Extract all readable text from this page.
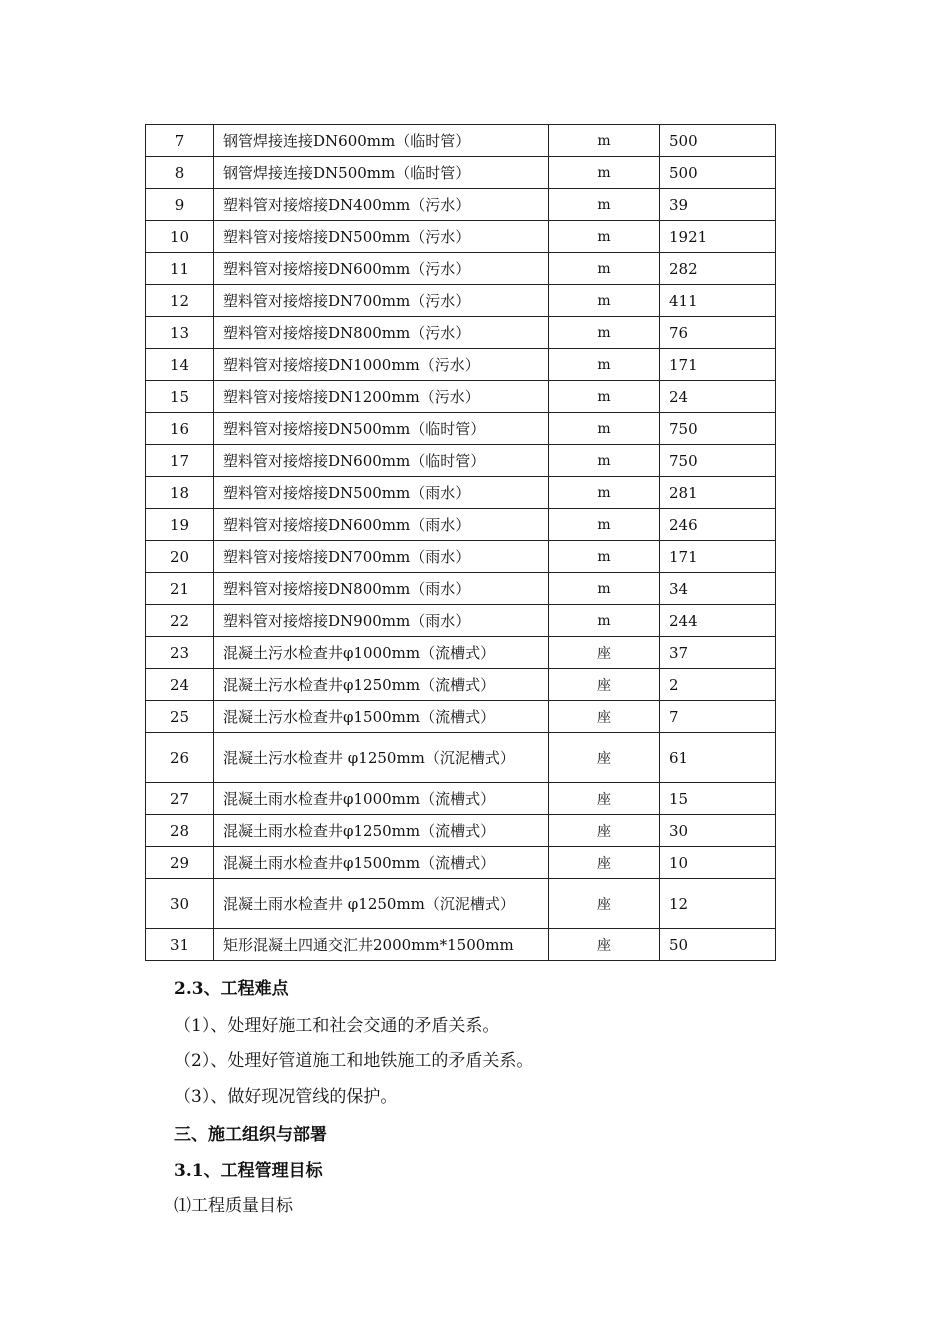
7	钢管焊接连接DN600mm（临时管）	m	500
8	钢管焊接连接DN500mm（临时管）	m	500
9	塑料管对接熔接DN400mm（污水）	m	39
10	塑料管对接熔接DN500mm（污水）	m	1921
11	塑料管对接熔接DN600mm（污水）	m	282
12	塑料管对接熔接DN700mm（污水）	m	411
13	塑料管对接熔接DN800mm（污水）	m	76
14	塑料管对接熔接DN1000mm（污水）	m	171
15	塑料管对接熔接DN1200mm（污水）	m	24
16	塑料管对接熔接DN500mm（临时管）	m	750
17	塑料管对接熔接DN600mm（临时管）	m	750
18	塑料管对接熔接DN500mm（雨水）	m	281
19	塑料管对接熔接DN600mm（雨水）	m	246
20	塑料管对接熔接DN700mm（雨水）	m	171
21	塑料管对接熔接DN800mm（雨水）	m	34
22	塑料管对接熔接DN900mm（雨水）	m	244
23	混凝土污水检查井φ1000mm（流槽式）	座	37
24	混凝土污水检查井φ1250mm（流槽式）	座	2
25	混凝土污水检查井φ1500mm（流槽式）	座	7
26	混凝土污水检查井 φ1250mm（沉泥槽式）	座	61
27	混凝土雨水检查井φ1000mm（流槽式）	座	15
28	混凝土雨水检查井φ1250mm（流槽式）	座	30
29	混凝土雨水检查井φ1500mm（流槽式）	座	10
30	混凝土雨水检查井 φ1250mm（沉泥槽式）	座	12
31	矩形混凝土四通交汇井2000mm*1500mm	座	50
2.3、工程难点
（1）、处理好施工和社会交通的矛盾关系。
（2）、处理好管道施工和地铁施工的矛盾关系。
（3）、做好现况管线的保护。
三、施工组织与部署
3.1、工程管理目标
⑴工程质量目标
